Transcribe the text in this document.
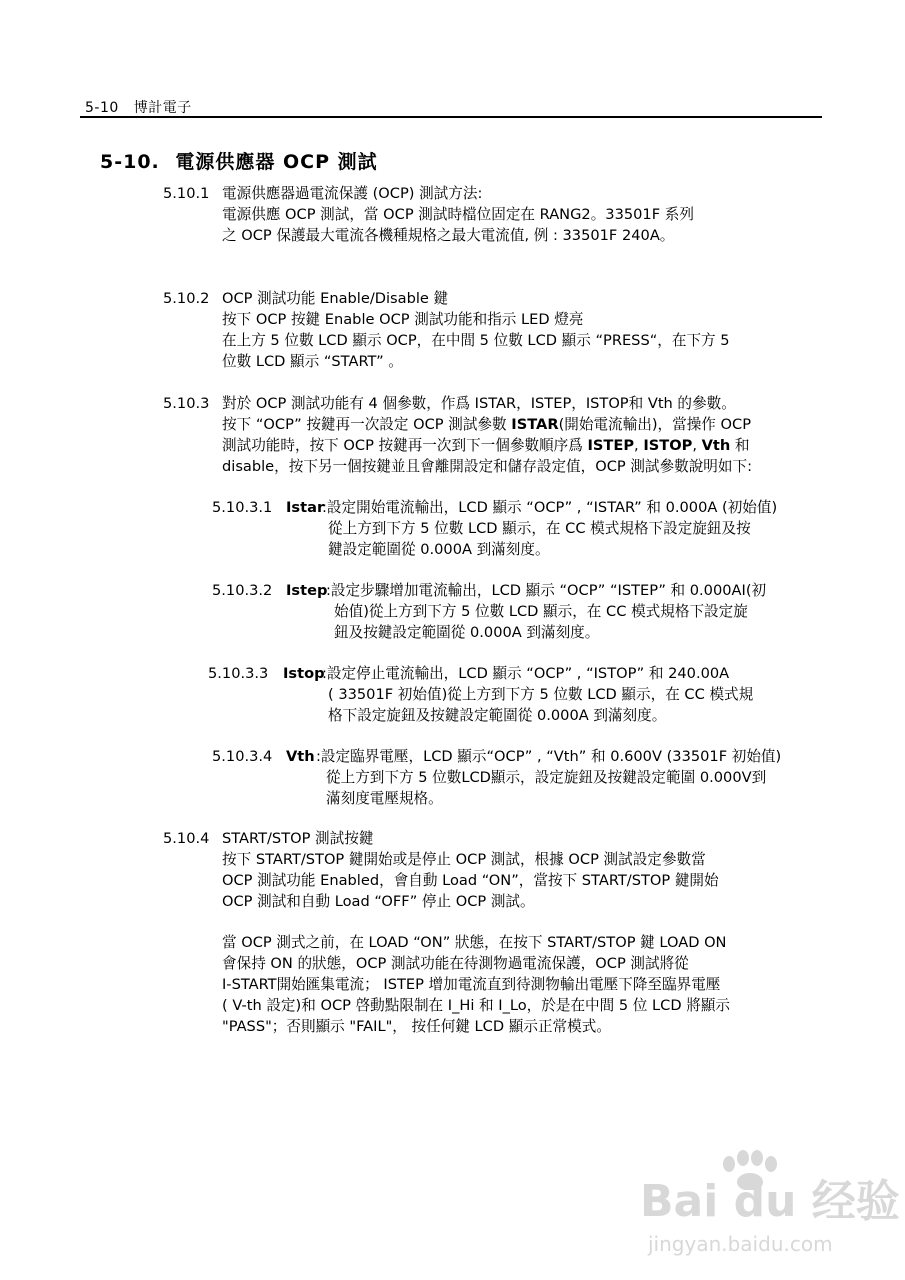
5-10 博計電子
5-10. 電源供應器 OCP 測試
5.10.1 電源供應器過電流保護 (OCP) 測試方法:
電源供應 OCP 測試，當 OCP 測試時檔位固定在 RANG2。33501F 系列
之 OCP 保護最大電流各機種規格之最大電流值, 例 : 33501F 240A。
5.10.2 OCP 測試功能 Enable/Disable 鍵
按下 OCP 按鍵 Enable OCP 測試功能和指示 LED 燈亮
在上方 5 位數 LCD 顯示 OCP，在中間 5 位數 LCD 顯示 “PRESS“，在下方 5
位數 LCD 顯示 “START” 。
5.10.3 對於 OCP 測試功能有 4 個參數，作爲 ISTAR，ISTEP，ISTOP和 Vth 的參數。
按下 “OCP” 按鍵再一次設定 OCP 測試參數 ISTAR(開始電流輸出)，當操作 OCP
測試功能時，按下 OCP 按鍵再一次到下一個參數順序爲 ISTEP, ISTOP, Vth 和
disable，按下另一個按鍵並且會離開設定和儲存設定值，OCP 測試參數說明如下:
5.10.3.1 Istar
:設定開始電流輸出，LCD 顯示 “OCP” , “ISTAR” 和 0.000A (初始值)
從上方到下方 5 位數 LCD 顯示，在 CC 模式規格下設定旋鈕及按
鍵設定範圍從 0.000A 到滿刻度。
5.10.3.2 Istep
:設定步驟增加電流輸出，LCD 顯示 “OCP” “ISTEP” 和 0.000AI(初
始值)從上方到下方 5 位數 LCD 顯示，在 CC 模式規格下設定旋
鈕及按鍵設定範圍從 0.000A 到滿刻度。
5.10.3.3 Istop
:設定停止電流輸出，LCD 顯示 “OCP” , “ISTOP” 和 240.00A
( 33501F 初始值)從上方到下方 5 位數 LCD 顯示，在 CC 模式規
格下設定旋鈕及按鍵設定範圍從 0.000A 到滿刻度。
5.10.3.4 Vth :設定臨界電壓，LCD 顯示“OCP” , “Vth” 和 0.600V (33501F 初始值)
從上方到下方 5 位數LCD顯示，設定旋鈕及按鍵設定範圍 0.000V到
滿刻度電壓規格。
5.10.4 START/STOP 測試按鍵
按下 START/STOP 鍵開始或是停止 OCP 測試，根據 OCP 測試設定參數當
OCP 測試功能 Enabled，會自動 Load “ON”，當按下 START/STOP 鍵開始
OCP 測試和自動 Load “OFF” 停止 OCP 測試。
當 OCP 測式之前，在 LOAD “ON” 狀態，在按下 START/STOP 鍵 LOAD ON
會保持 ON 的狀態，OCP 測試功能在待測物過電流保護，OCP 測試將從
I-START開始匯集電流； ISTEP 增加電流直到待測物輸出電壓下降至臨界電壓
( V-th 設定)和 OCP 啓動點限制在 I_Hi 和 I_Lo，於是在中間 5 位 LCD 將顯示
"PASS"；否則顯示 "FAIL"， 按任何鍵 LCD 顯示正常模式。
Bai du 经验
jingyan.baidu.com
